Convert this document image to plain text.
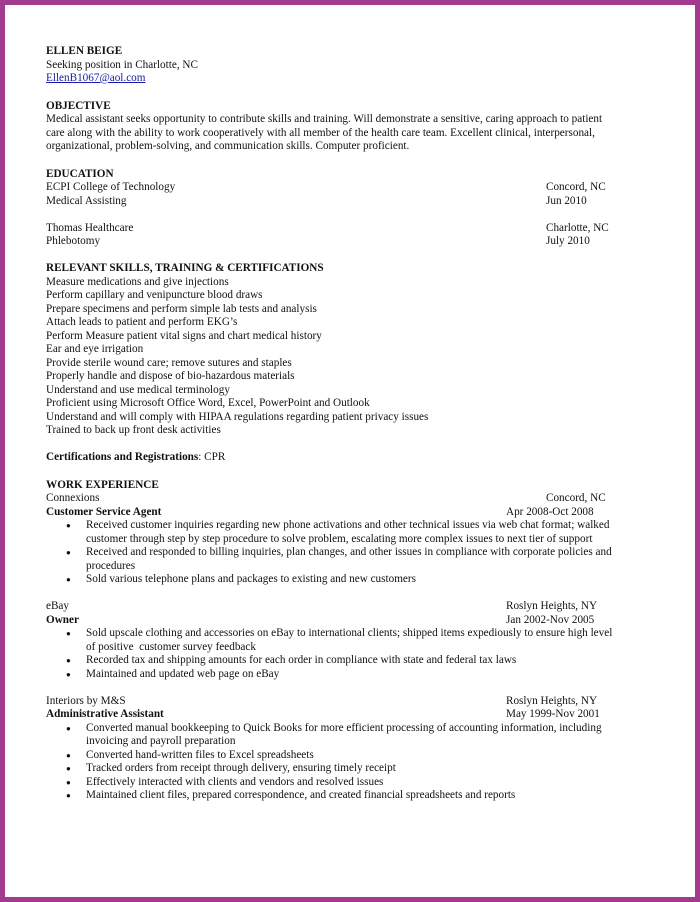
ELLEN BEIGE
Seeking position in Charlotte, NC
EllenB1067@aol.com
OBJECTIVE
Medical assistant seeks opportunity to contribute skills and training. Will demonstrate a sensitive, caring approach to patient
care along with the ability to work cooperatively with all member of the health care team. Excellent clinical, interpersonal,
organizational, problem-solving, and communication skills. Computer proficient.
EDUCATION
ECPI College of Technology	Concord, NC
Medical Assisting	Jun 2010
Thomas Healthcare	Charlotte, NC
Phlebotomy	July 2010
RELEVANT SKILLS, TRAINING & CERTIFICATIONS
Measure medications and give injections
Perform capillary and venipuncture blood draws
Prepare specimens and perform simple lab tests and analysis
Attach leads to patient and perform EKG’s
Perform Measure patient vital signs and chart medical history
Ear and eye irrigation
Provide sterile wound care; remove sutures and staples
Properly handle and dispose of bio-hazardous materials
Understand and use medical terminology
Proficient using Microsoft Office Word, Excel, PowerPoint and Outlook
Understand and will comply with HIPAA regulations regarding patient privacy issues
Trained to back up front desk activities
Certifications and Registrations: CPR
WORK EXPERIENCE
Connexions	Concord, NC
Customer Service Agent	Apr 2008-Oct 2008
● Received customer inquiries regarding new phone activations and other technical issues via web chat format; walked
customer through step by step procedure to solve problem, escalating more complex issues to next tier of support
● Received and responded to billing inquiries, plan changes, and other issues in compliance with corporate policies and
procedures
● Sold various telephone plans and packages to existing and new customers
eBay	Roslyn Heights, NY
Owner	Jan 2002-Nov 2005
● Sold upscale clothing and accessories on eBay to international clients; shipped items expediously to ensure high level
of positive  customer survey feedback
● Recorded tax and shipping amounts for each order in compliance with state and federal tax laws
● Maintained and updated web page on eBay
Interiors by M&S	Roslyn Heights, NY
Administrative Assistant	May 1999-Nov 2001
● Converted manual bookkeeping to Quick Books for more efficient processing of accounting information, including
invoicing and payroll preparation
● Converted hand-written files to Excel spreadsheets
● Tracked orders from receipt through delivery, ensuring timely receipt
● Effectively interacted with clients and vendors and resolved issues
● Maintained client files, prepared correspondence, and created financial spreadsheets and reports
